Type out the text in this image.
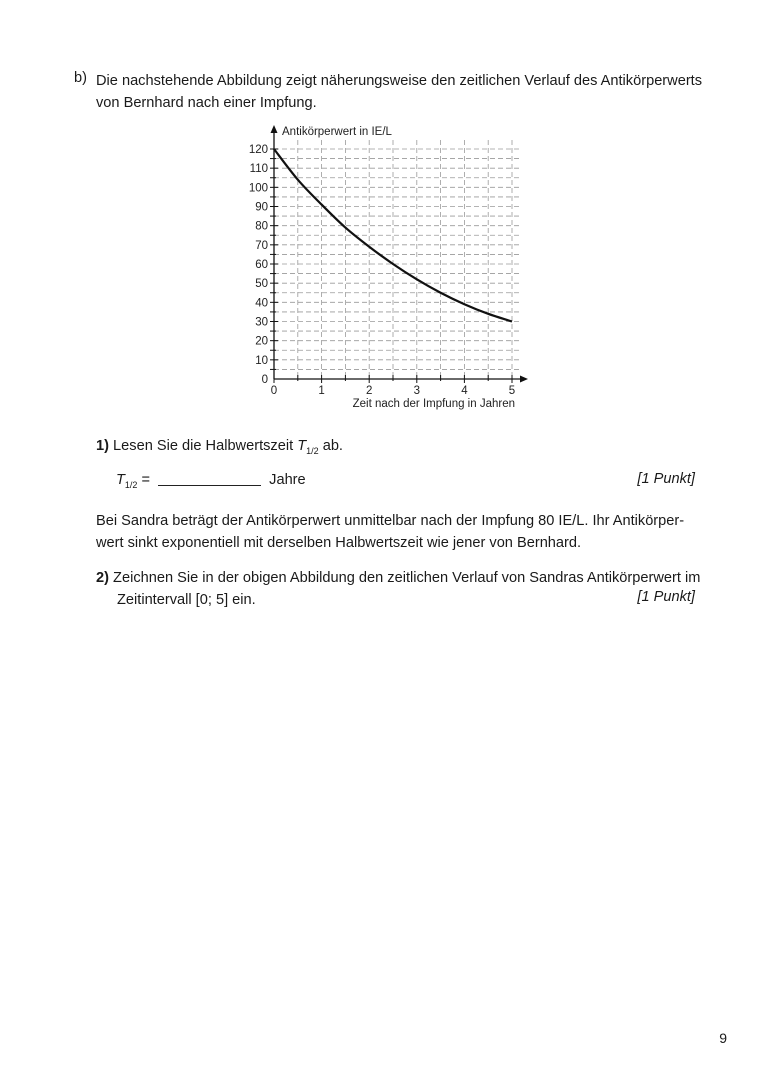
b) Die nachstehende Abbildung zeigt näherungsweise den zeitlichen Verlauf des Antikörperwerts
von Bernhard nach einer Impfung.
0	1	2	3	4	5
0
10
20
30
40
50
60
70
80
90
100
110
120
Antikörperwert in IE/L
Zeit nach der Impfung in Jahren
1) Lesen Sie die Halbwertszeit $T_{1/2}$ ab.
$T_{1/2}$ =	Jahre	[1 Punkt]
Bei Sandra beträgt der Antikörperwert unmittelbar nach der Impfung 80 IE/L. Ihr Antikörper-
wert sinkt exponentiell mit derselben Halbwertszeit wie jener von Bernhard.
2) Zeichnen Sie in der obigen Abbildung den zeitlichen Verlauf von Sandras Antikörperwert im
Zeitintervall [0; 5] ein.	[1 Punkt]
9
